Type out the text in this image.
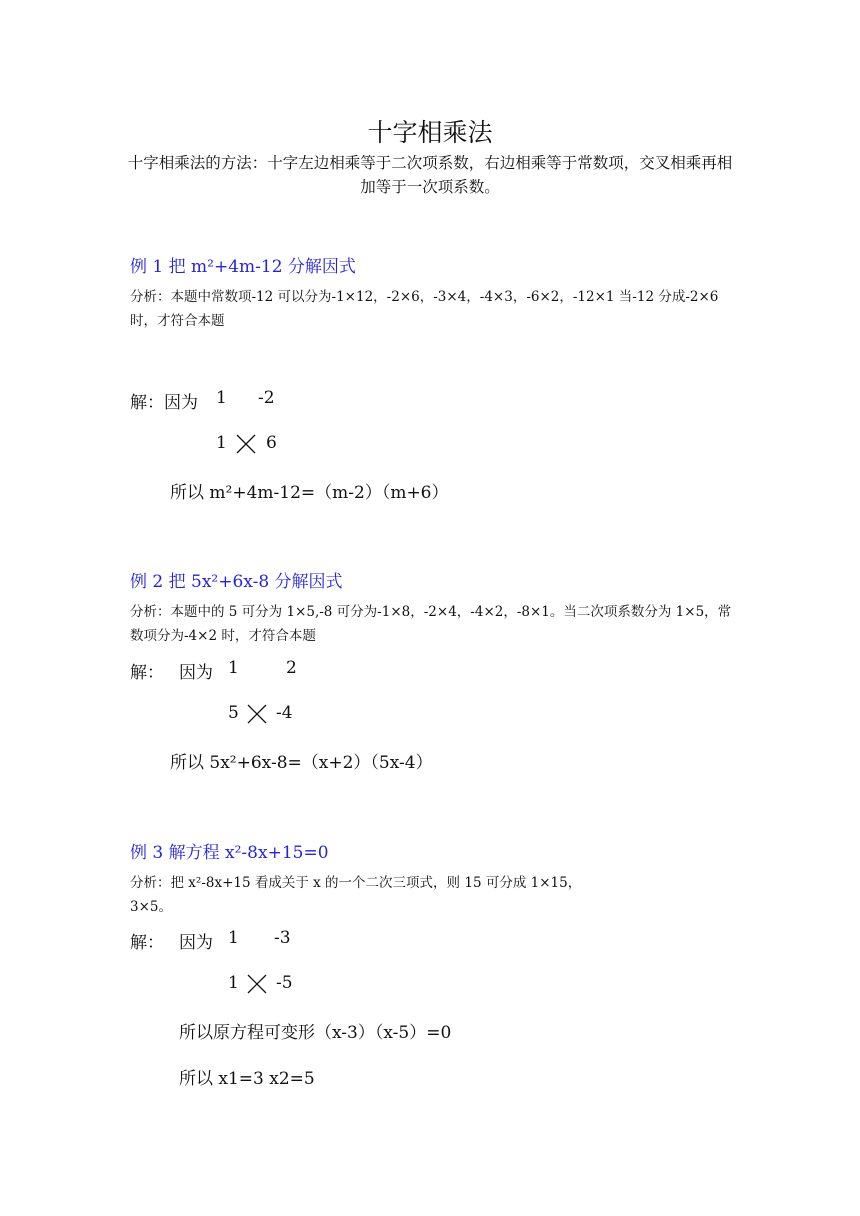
十字相乘法
十字相乘法的方法：十字左边相乘等于二次项系数，右边相乘等于常数项，交叉相乘再相加等于一次项系数。
例 1 把 m²+4m-12 分解因式
分析：本题中常数项-12 可以分为-1×12，-2×6，-3×4，-4×3，-6×2，-12×1 当-12 分成-2×6 时，才符合本题
解：因为 1 -2
1 6
所以 m²+4m-12=（m-2）（m+6）
例 2 把 5x²+6x-8 分解因式
分析：本题中的 5 可分为 1×5,-8 可分为-1×8，-2×4，-4×2，-8×1。当二次项系数分为 1×5，常数项分为-4×2 时，才符合本题
解： 因为 1	2
5 -4
所以 5x²+6x-8=（x+2）（5x-4）
例 3 解方程 x²-8x+15=0
分析：把 x²-8x+15 看成关于 x 的一个二次三项式，则 15 可分成 1×15，
3×5。
解： 因为 1 -3
1 -5
所以原方程可变形（x-3）（x-5）=0
所以 x1=3 x2=5
